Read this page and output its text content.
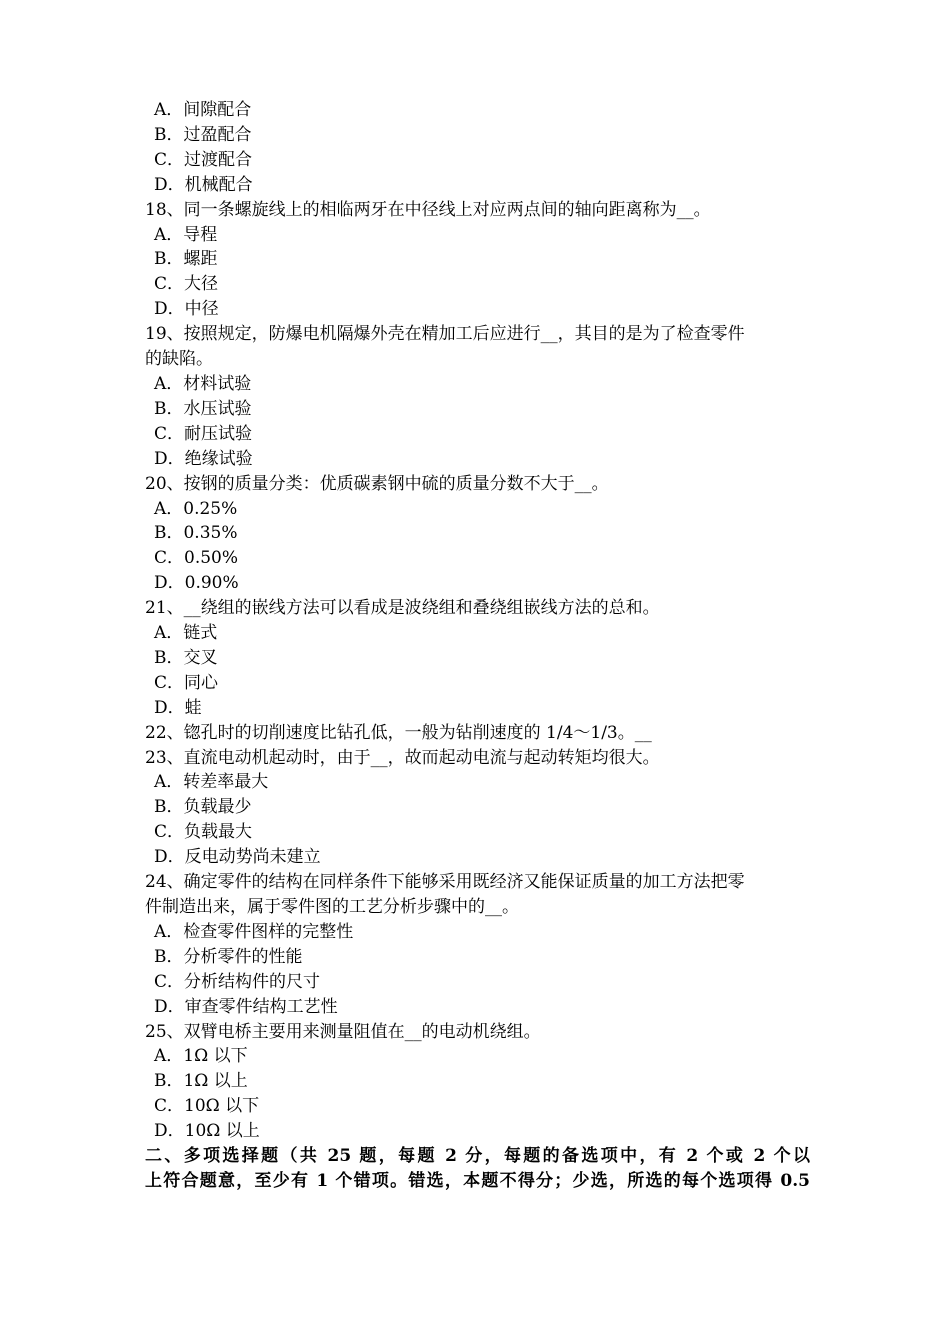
A．间隙配合
B．过盈配合
C．过渡配合
D．机械配合
18、同一条螺旋线上的相临两牙在中径线上对应两点间的轴向距离称为__。
A．导程
B．螺距
C．大径
D．中径
19、按照规定，防爆电机隔爆外壳在精加工后应进行__，其目的是为了检查零件
的缺陷。
A．材料试验
B．水压试验
C．耐压试验
D．绝缘试验
20、按钢的质量分类：优质碳素钢中硫的质量分数不大于__。
A．0.25%
B．0.35%
C．0.50%
D．0.90%
21、__绕组的嵌线方法可以看成是波绕组和叠绕组嵌线方法的总和。
A．链式
B．交叉
C．同心
D．蛙
22、锪孔时的切削速度比钻孔低，一般为钻削速度的 1/4～1/3。__
23、直流电动机起动时，由于__，故而起动电流与起动转矩均很大。
A．转差率最大
B．负载最少
C．负载最大
D．反电动势尚未建立
24、确定零件的结构在同样条件下能够采用既经济又能保证质量的加工方法把零
件制造出来，属于零件图的工艺分析步骤中的__。
A．检查零件图样的完整性
B．分析零件的性能
C．分析结构件的尺寸
D．审查零件结构工艺性
25、双臂电桥主要用来测量阻值在__的电动机绕组。
A．1Ω 以下
B．1Ω 以上
C．10Ω 以下
D．10Ω 以上
二、多项选择题（共 25 题，每题 2 分，每题的备选项中，有 2 个或 2 个以
上符合题意，至少有 1 个错项。错选，本题不得分；少选，所选的每个选项得 0.5
